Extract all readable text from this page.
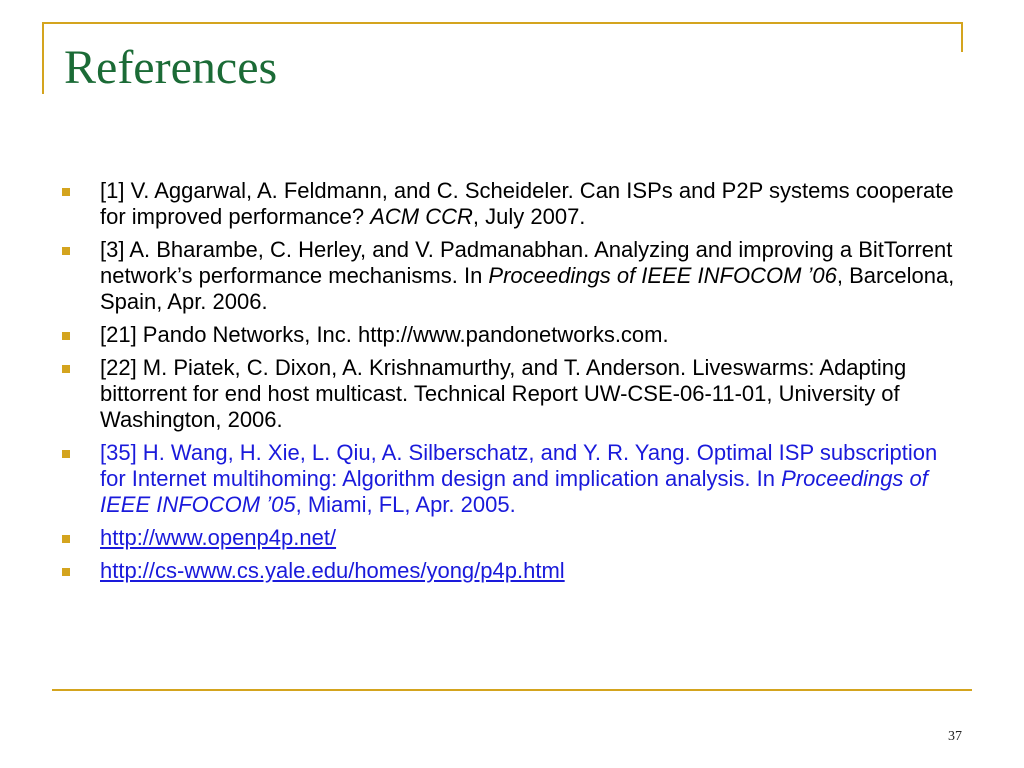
References
[1] V. Aggarwal, A. Feldmann, and C. Scheideler. Can ISPs and P2P systems cooperate for improved performance? ACM CCR, July 2007.
[3] A. Bharambe, C. Herley, and V. Padmanabhan. Analyzing and improving a BitTorrent network’s performance mechanisms. In Proceedings of IEEE INFOCOM ’06, Barcelona, Spain, Apr. 2006.
[21] Pando Networks, Inc. http://www.pandonetworks.com.
[22] M. Piatek, C. Dixon, A. Krishnamurthy, and T. Anderson. Liveswarms: Adapting bittorrent for end host multicast. Technical Report UW-CSE-06-11-01, University of Washington, 2006.
[35] H. Wang, H. Xie, L. Qiu, A. Silberschatz, and Y. R. Yang. Optimal ISP subscription for Internet multihoming: Algorithm design and implication analysis. In Proceedings of IEEE INFOCOM ’05, Miami, FL, Apr. 2005.
http://www.openp4p.net/
http://cs-www.cs.yale.edu/homes/yong/p4p.html
37
